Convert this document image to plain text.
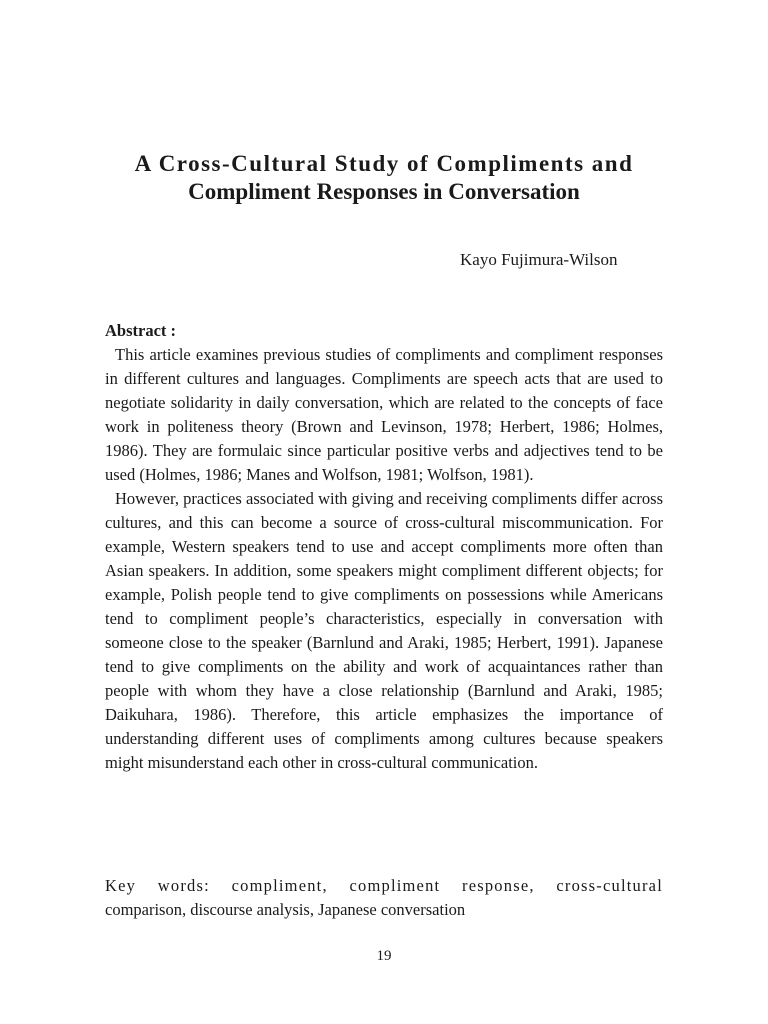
A Cross-Cultural Study of Compliments and
Compliment Responses in Conversation
Kayo Fujimura-Wilson
Abstract :

This article examines previous studies of compliments and compliment responses in different cultures and languages. Compliments are speech acts that are used to negotiate solidarity in daily conversation, which are related to the concepts of face work in politeness theory (Brown and Levinson, 1978; Herbert, 1986; Holmes, 1986). They are formulaic since particular positive verbs and adjectives tend to be used (Holmes, 1986; Manes and Wolfson, 1981; Wolfson, 1981).

However, practices associated with giving and receiving compliments differ across cultures, and this can become a source of cross-cultural miscommunication. For example, Western speakers tend to use and accept compliments more often than Asian speakers. In addition, some speakers might compliment different objects; for example, Polish people tend to give compliments on possessions while Americans tend to compliment people’s characteristics, especially in conversation with someone close to the speaker (Barnlund and Araki, 1985; Herbert, 1991). Japanese tend to give compliments on the ability and work of acquaintances rather than people with whom they have a close relationship (Barnlund and Araki, 1985; Daikuhara, 1986). Therefore, this article emphasizes the importance of understanding different uses of compliments among cultures because speakers might misunderstand each other in cross-cultural communication.

Key words: compliment, compliment response, cross-cultural
comparison, discourse analysis, Japanese conversation
19
